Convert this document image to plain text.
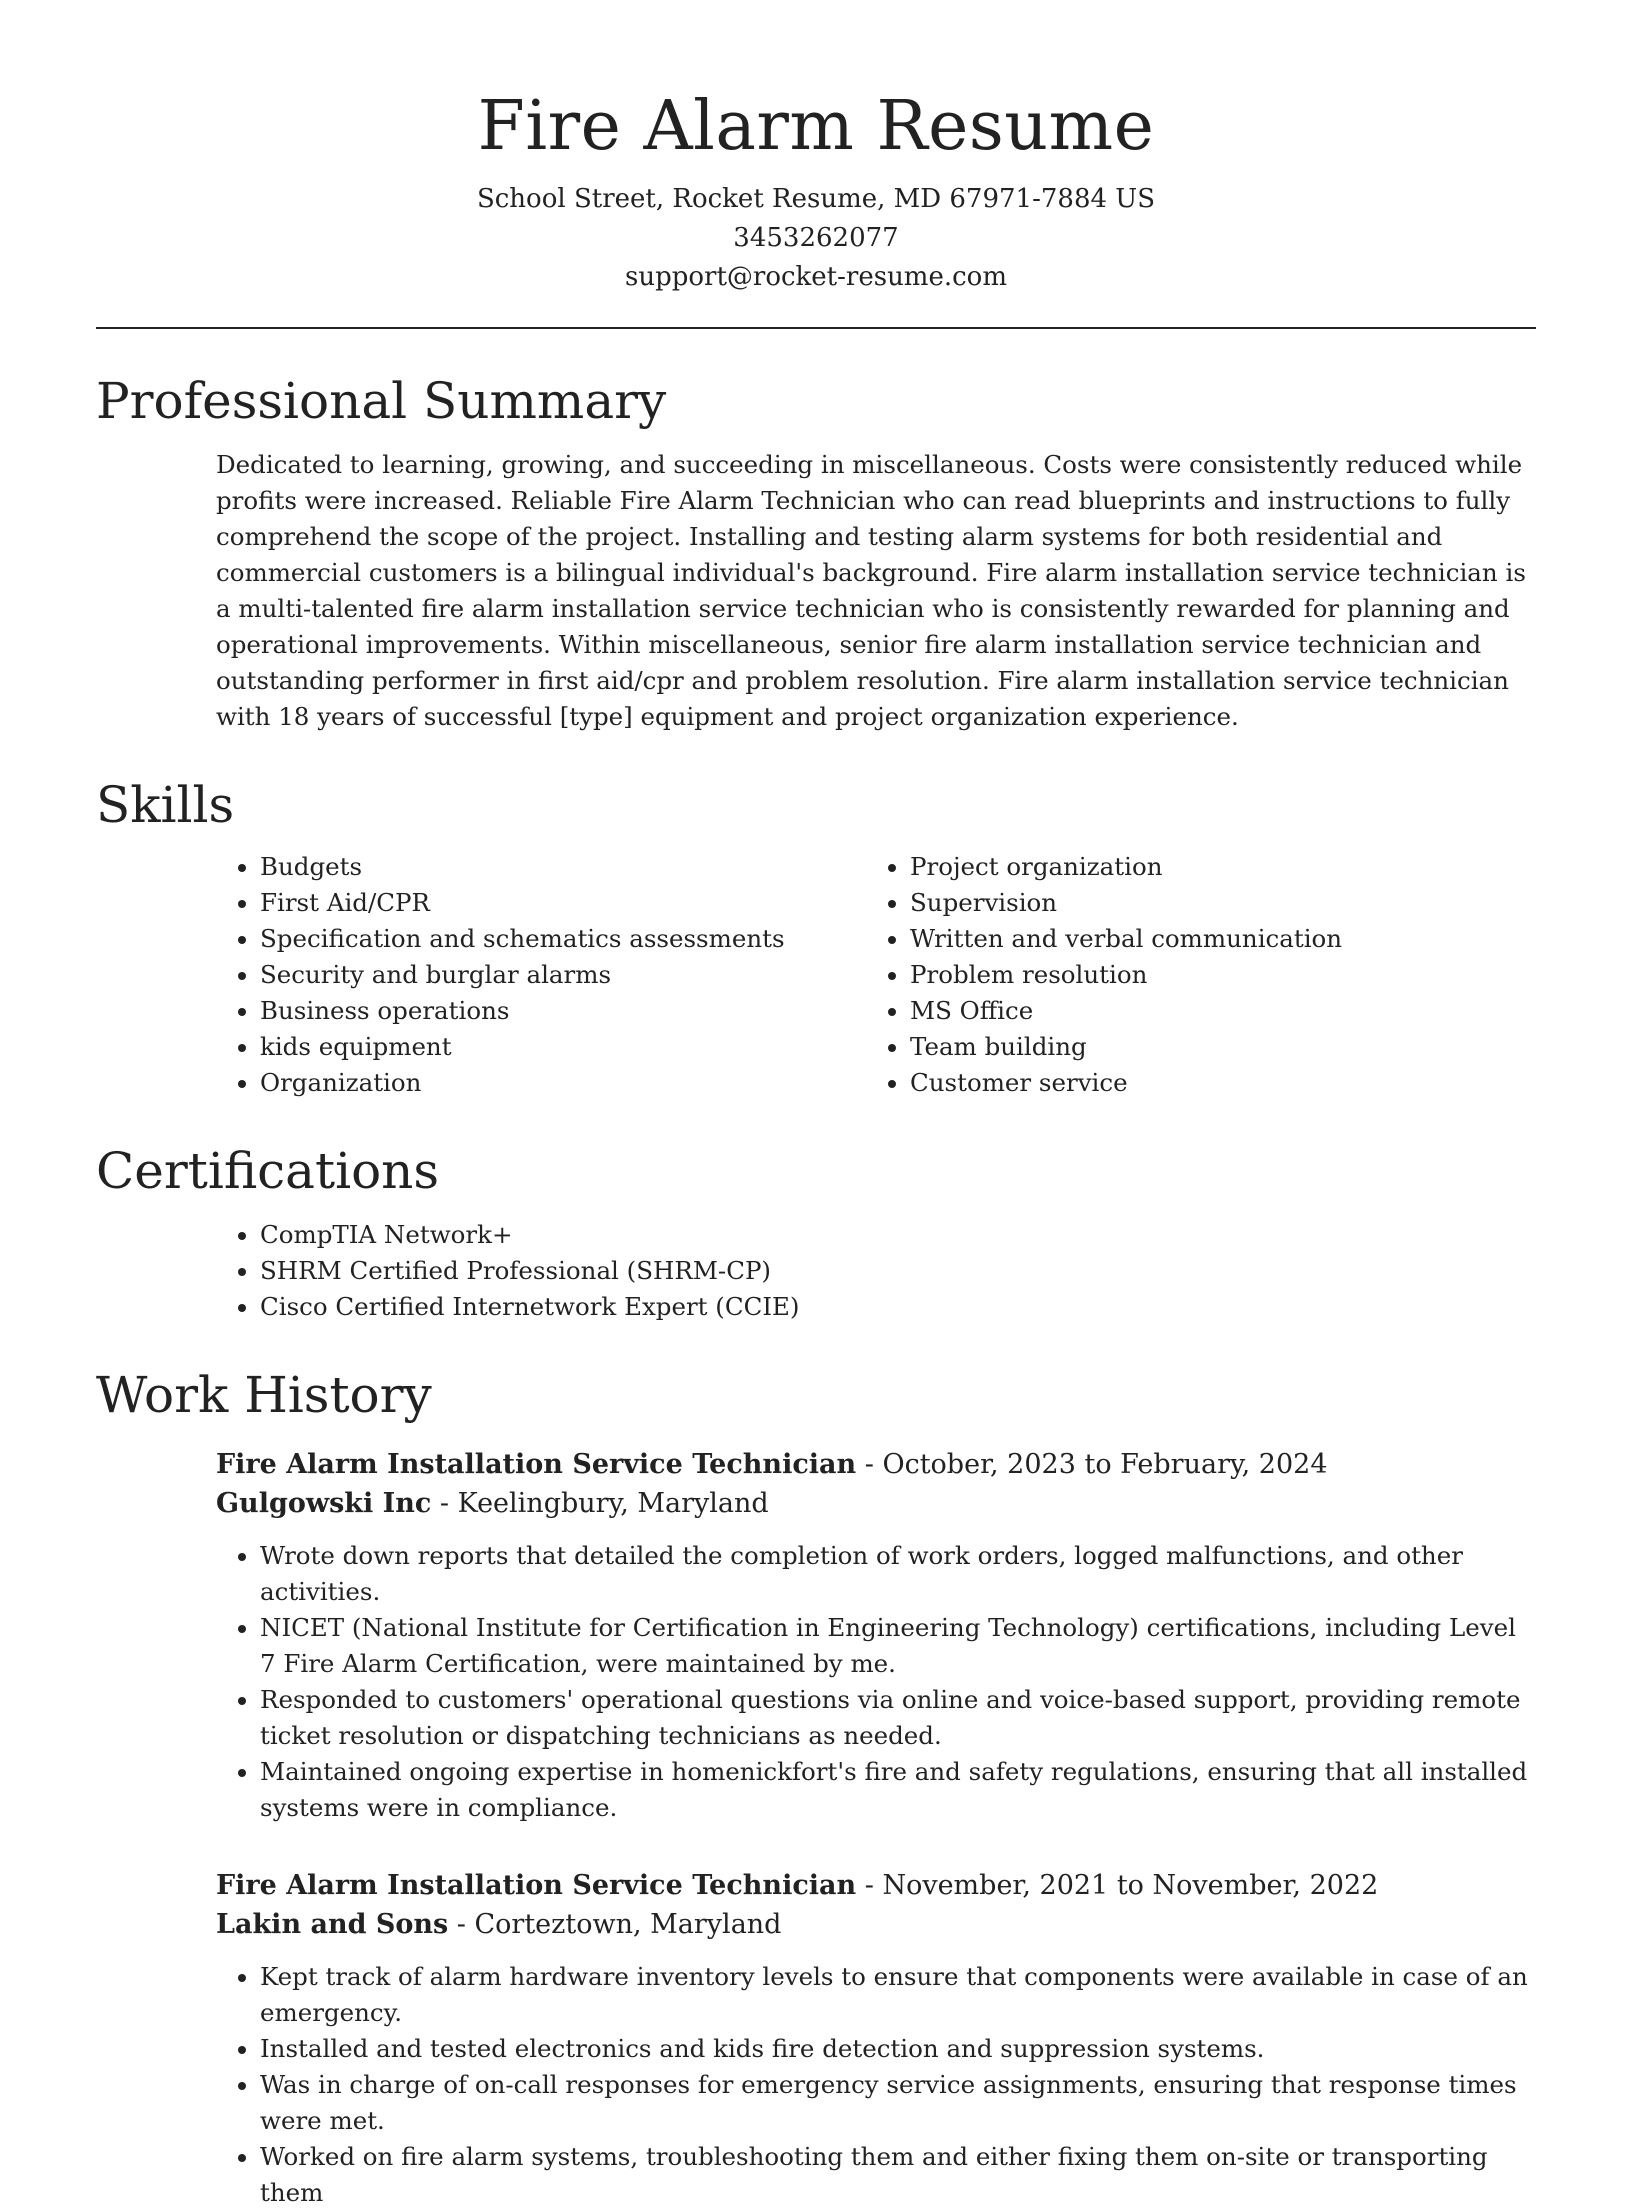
Fire Alarm Resume
School Street, Rocket Resume, MD 67971-7884 US
3453262077
support@rocket-resume.com
Professional Summary

Dedicated to learning, growing, and succeeding in miscellaneous. Costs were consistently reduced while profits were increased. Reliable Fire Alarm Technician who can read blueprints and instructions to fully comprehend the scope of the project. Installing and testing alarm systems for both residential and commercial customers is a bilingual individual's background. Fire alarm installation service technician is a multi-talented fire alarm installation service technician who is consistently rewarded for planning and operational improvements. Within miscellaneous, senior fire alarm installation service technician and outstanding performer in first aid/cpr and problem resolution. Fire alarm installation service technician with 18 years of successful [type] equipment and project organization experience.

Skills
• Budgets
• First Aid/CPR
• Specification and schematics assessments
• Security and burglar alarms
• Business operations
• kids equipment
• Organization
• Project organization
• Supervision
• Written and verbal communication
• Problem resolution
• MS Office
• Team building
• Customer service
Certifications
• CompTIA Network+
• SHRM Certified Professional (SHRM-CP)
• Cisco Certified Internetwork Expert (CCIE)
Work History
Fire Alarm Installation Service Technician - October, 2023 to February, 2024
Gulgowski Inc - Keelingbury, Maryland
• Wrote down reports that detailed the completion of work orders, logged malfunctions, and other activities.
• NICET (National Institute for Certification in Engineering Technology) certifications, including Level 7 Fire Alarm Certification, were maintained by me.
• Responded to customers' operational questions via online and voice-based support, providing remote ticket resolution or dispatching technicians as needed.
• Maintained ongoing expertise in homenickfort's fire and safety regulations, ensuring that all installed systems were in compliance.
Fire Alarm Installation Service Technician - November, 2021 to November, 2022
Lakin and Sons - Corteztown, Maryland
• Kept track of alarm hardware inventory levels to ensure that components were available in case of an emergency.
• Installed and tested electronics and kids fire detection and suppression systems.
• Was in charge of on-call responses for emergency service assignments, ensuring that response times were met.
• Worked on fire alarm systems, troubleshooting them and either fixing them on-site or transporting them
